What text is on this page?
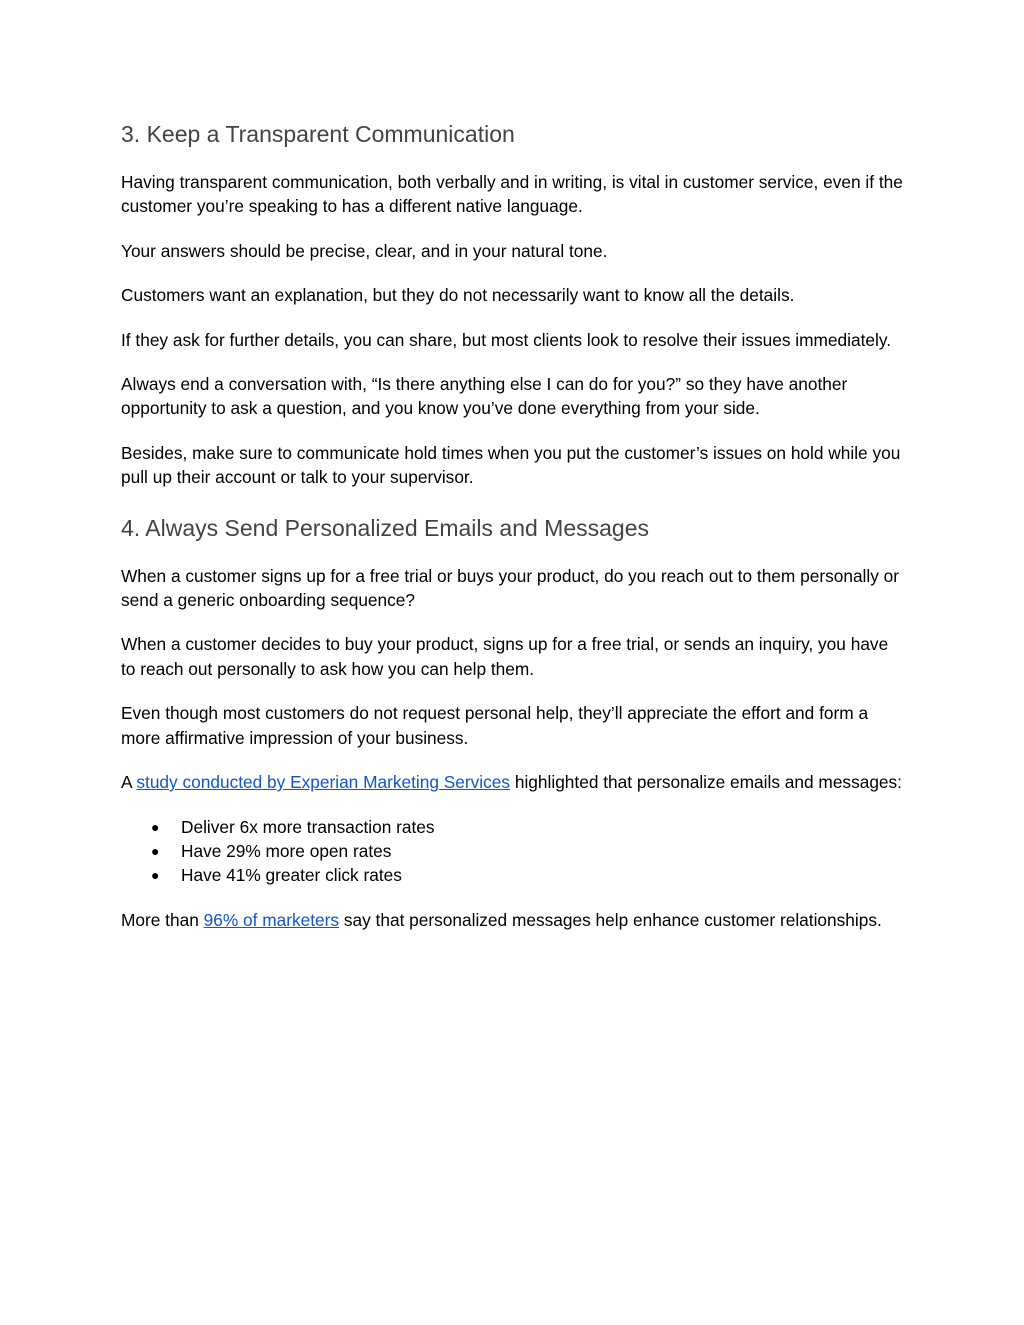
3. Keep a Transparent Communication

Having transparent communication, both verbally and in writing, is vital in customer service, even if the customer you’re speaking to has a different native language.

Your answers should be precise, clear, and in your natural tone.

Customers want an explanation, but they do not necessarily want to know all the details.

If they ask for further details, you can share, but most clients look to resolve their issues immediately.

Always end a conversation with, “Is there anything else I can do for you?” so they have another opportunity to ask a question, and you know you’ve done everything from your side.

Besides, make sure to communicate hold times when you put the customer’s issues on hold while you pull up their account or talk to your supervisor.

4. Always Send Personalized Emails and Messages

When a customer signs up for a free trial or buys your product, do you reach out to them personally or send a generic onboarding sequence?

When a customer decides to buy your product, signs up for a free trial, or sends an inquiry, you have to reach out personally to ask how you can help them.

Even though most customers do not request personal help, they’ll appreciate the effort and form a more affirmative impression of your business.

A study conducted by Experian Marketing Services highlighted that personalize emails and messages:

● Deliver 6x more transaction rates
● Have 29% more open rates
● Have 41% greater click rates

More than 96% of marketers say that personalized messages help enhance customer relationships.
